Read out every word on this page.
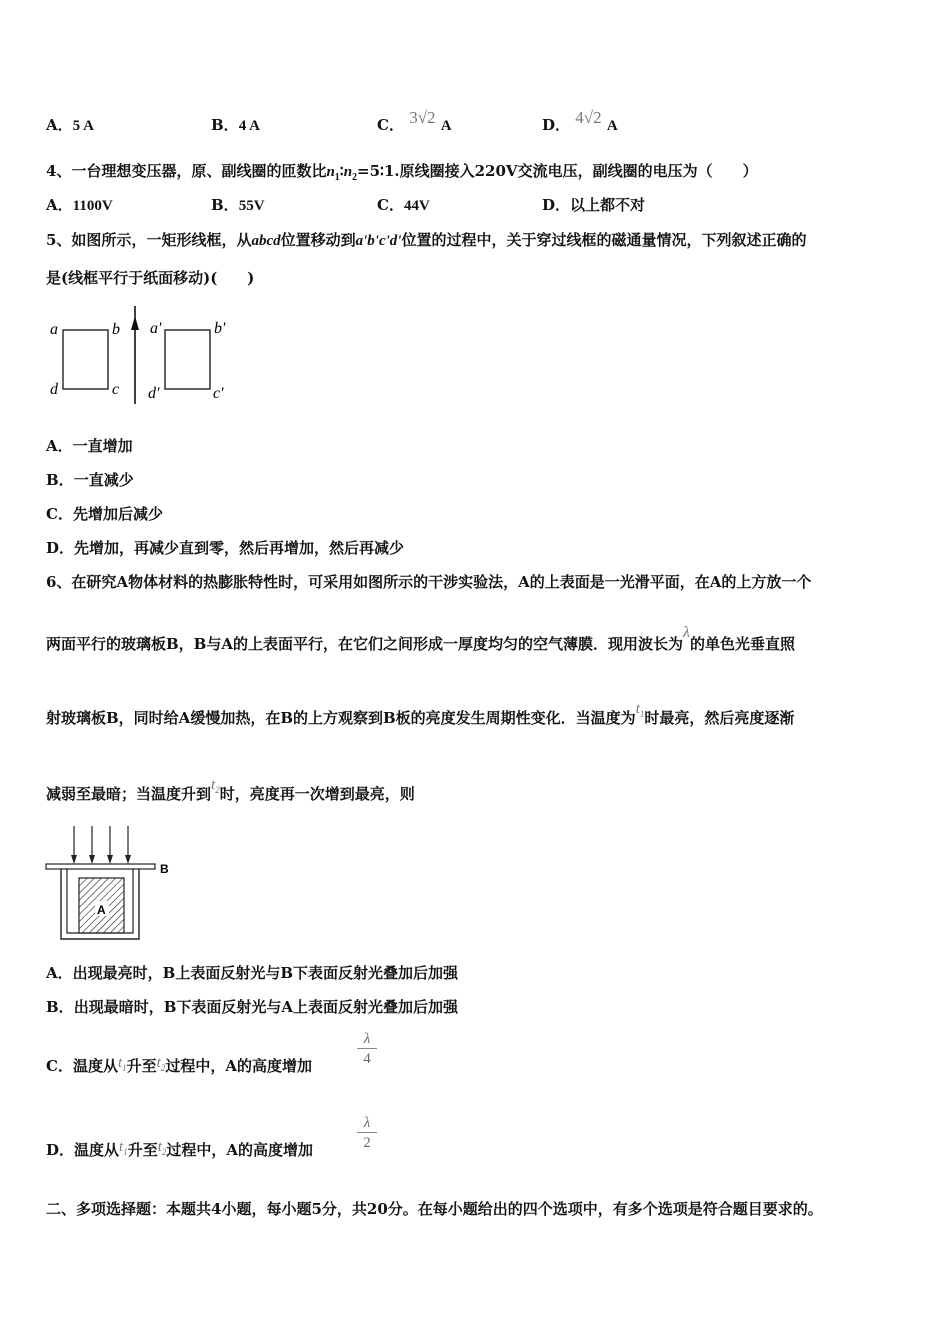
A．5 A	B．4 A	C． 3√2 A	D． 4√2 A
4、一台理想变压器，原、副线圈的匝数比$n_1∶n_2=5∶1$.原线圈接入220V交流电压，副线圈的电压为（　　）
A．1100V	B．55V	C．44V	D．以上都不对
5、如图所示，一矩形线框，从abcd位置移动到a'b'c'd'位置的过程中，关于穿过线框的磁通量情况，下列叙述正确的
是(线框平行于纸面移动)(　　)
a	b
c
d
a′	b′
c′
d′
A．一直增加
B．一直减少
C．先增加后减少
D．先增加，再减少直到零，然后再增加，然后再减少
6、在研究A物体材料的热膨胀特性时，可采用如图所示的干涉实验法，A的上表面是一光滑平面，在A的上方放一个
两面平行的玻璃板B，B与A的上表面平行，在它们之间形成一厚度均匀的空气薄膜．现用波长为λ的单色光垂直照
射玻璃板B，同时给A缓慢加热，在B的上方观察到B板的亮度发生周期性变化．当温度为$t_1$时最亮，然后亮度逐渐
减弱至最暗；当温度升到$t_2$时，亮度再一次增到最亮，则
B
A
A．出现最亮时，B上表面反射光与B下表面反射光叠加后加强
B．出现最暗时，B下表面反射光与A上表面反射光叠加后加强
C．温度从$t_1$升至$t_2$过程中，A的高度增加	$\frac{\lambda}{4}$
D．温度从$t_1$升至$t_2$过程中，A的高度增加	$\frac{\lambda}{2}$
二、多项选择题：本题共4小题，每小题5分，共20分。在每小题给出的四个选项中，有多个选项是符合题目要求的。
